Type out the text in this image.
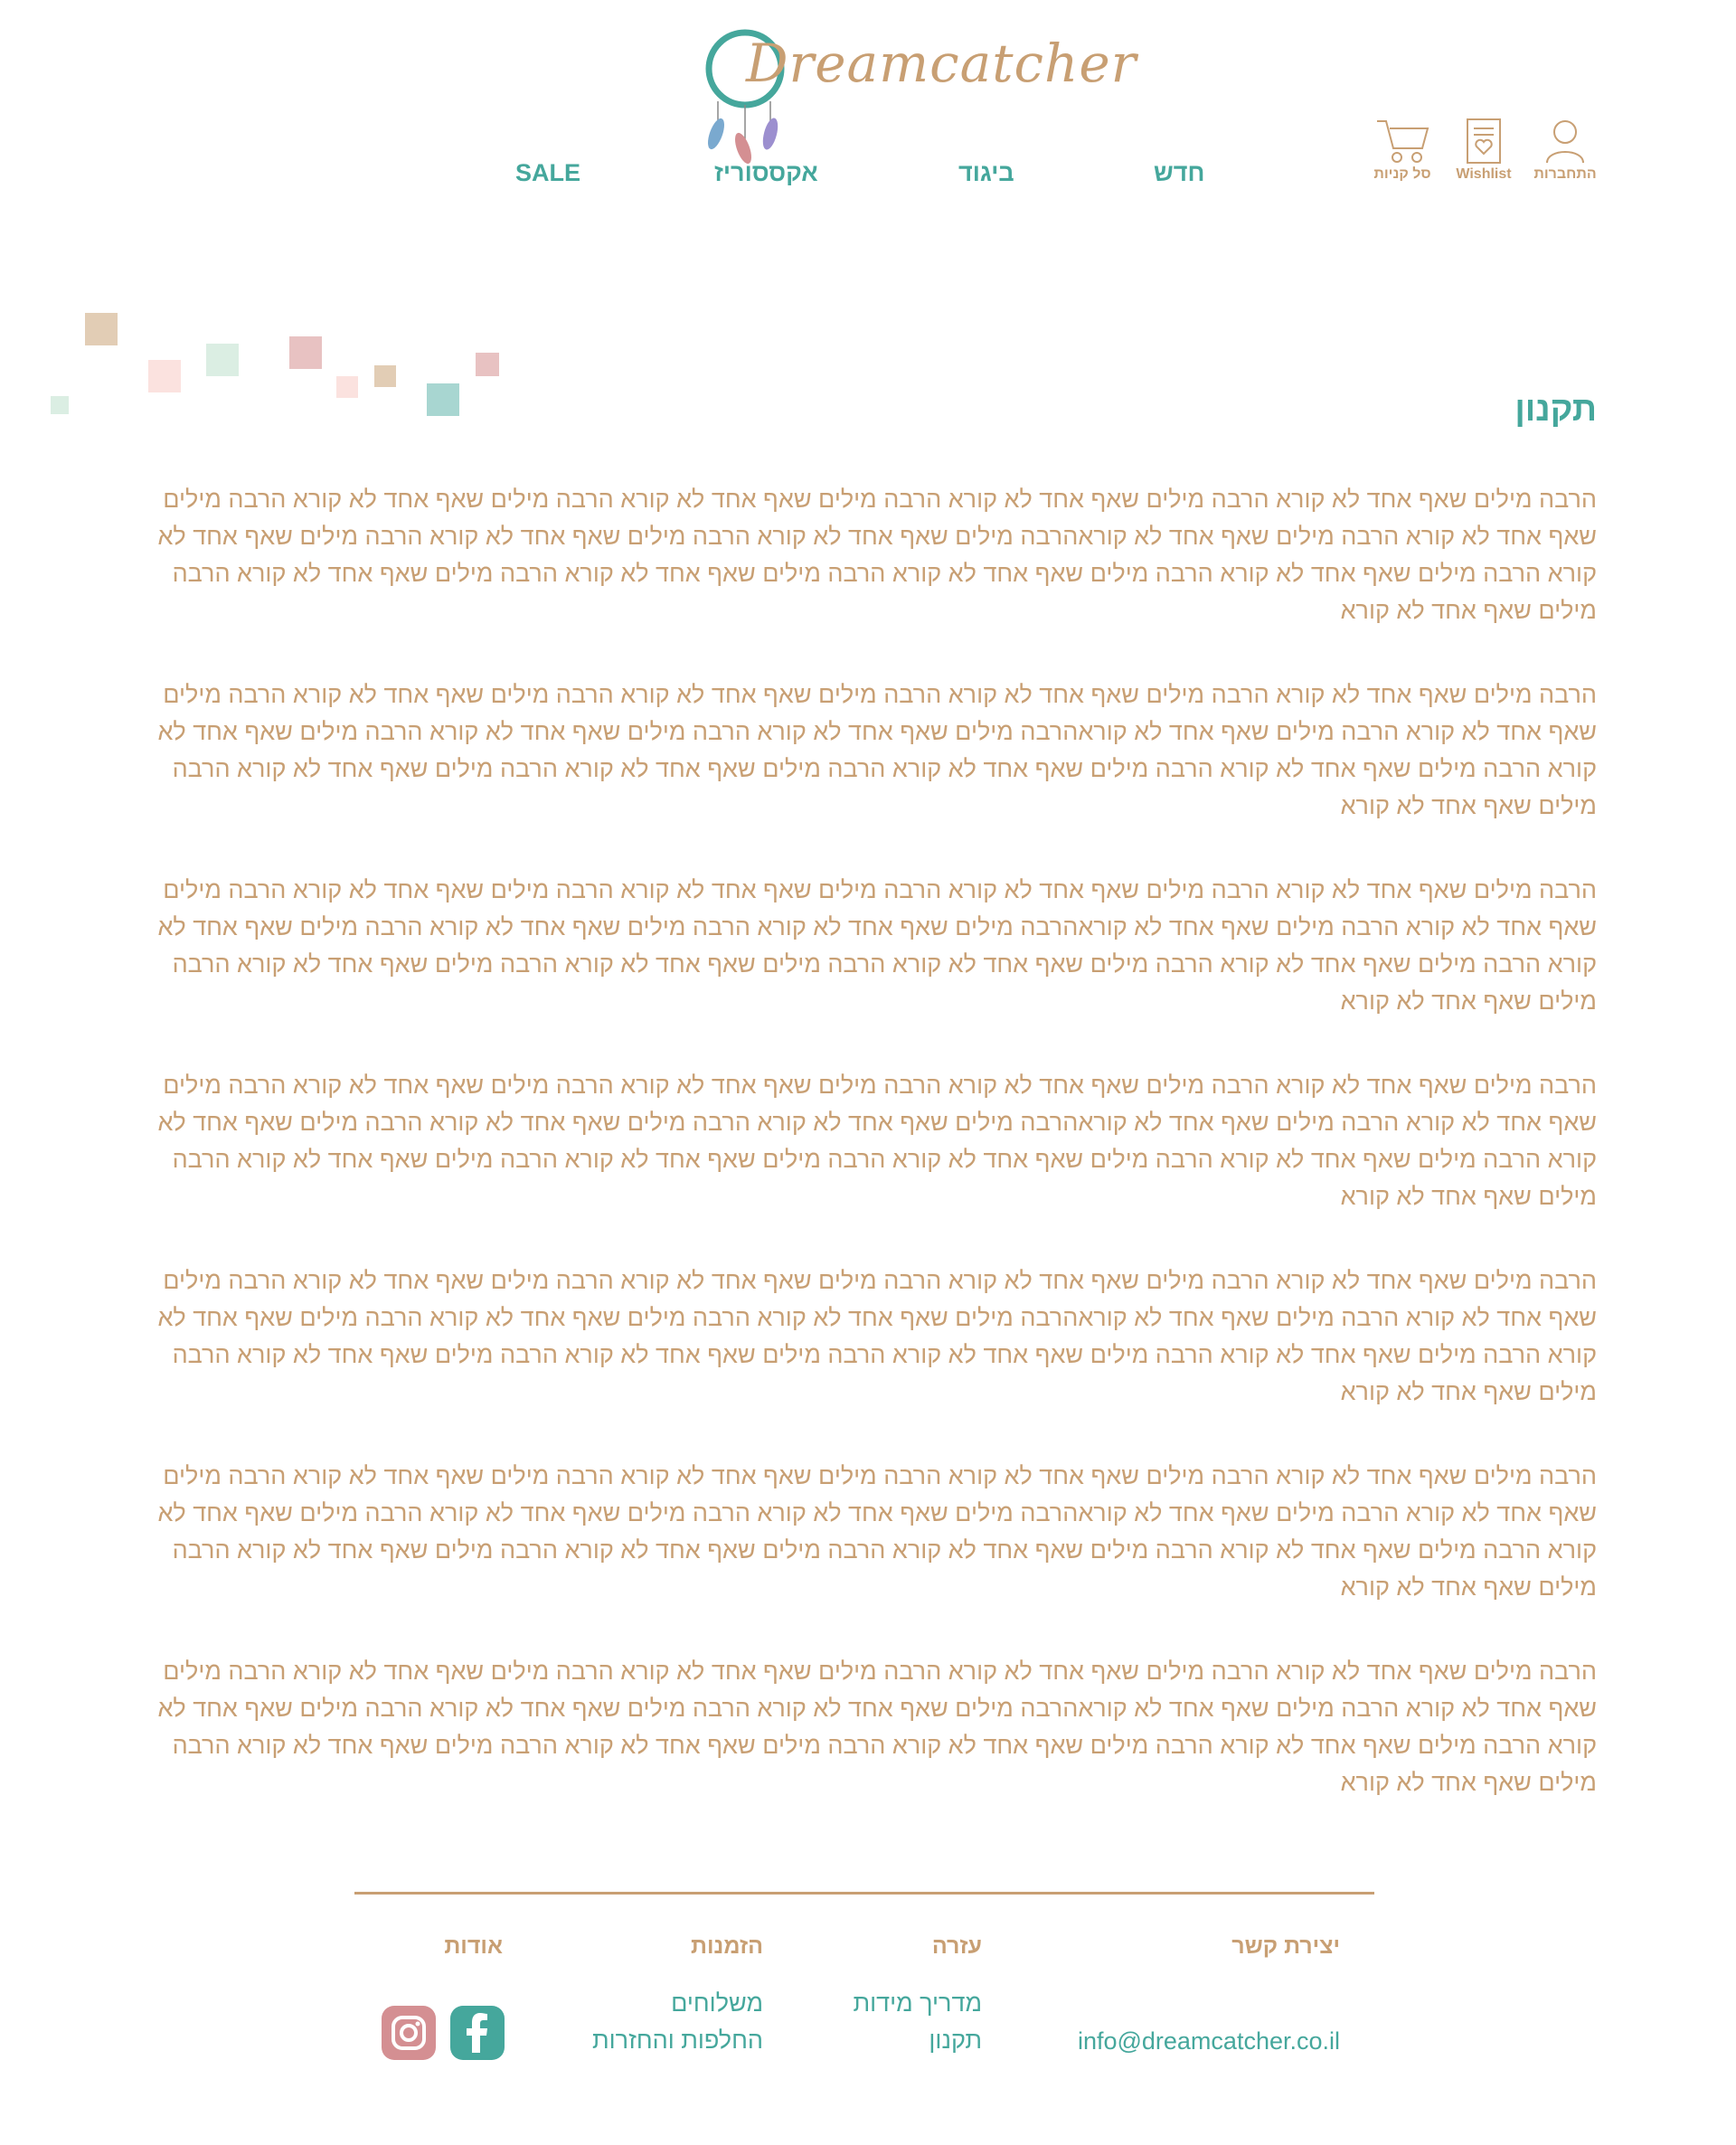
Dreamcatcher
התחברות
Wishlist
סל קניות
חדש
ביגוד
אקססוריז
SALE
תקנון

הרבה מילים שאף אחד לא קורא הרבה מילים שאף אחד לא קורא הרבה מילים שאף אחד לא קורא הרבה מילים שאף אחד לא קורא הרבה מילים שאף אחד לא קורא הרבה מילים שאף אחד לא קוראהרבה מילים שאף אחד לא קורא הרבה מילים שאף אחד לא קורא הרבה מילים שאף אחד לא קורא הרבה מילים שאף אחד לא קורא הרבה מילים שאף אחד לא קורא הרבה מילים שאף אחד לא קורא הרבה מילים שאף אחד לא קורא הרבה מילים שאף אחד לא קורא

הרבה מילים שאף אחד לא קורא הרבה מילים שאף אחד לא קורא הרבה מילים שאף אחד לא קורא הרבה מילים שאף אחד לא קורא הרבה מילים שאף אחד לא קורא הרבה מילים שאף אחד לא קוראהרבה מילים שאף אחד לא קורא הרבה מילים שאף אחד לא קורא הרבה מילים שאף אחד לא קורא הרבה מילים שאף אחד לא קורא הרבה מילים שאף אחד לא קורא הרבה מילים שאף אחד לא קורא הרבה מילים שאף אחד לא קורא הרבה מילים שאף אחד לא קורא

הרבה מילים שאף אחד לא קורא הרבה מילים שאף אחד לא קורא הרבה מילים שאף אחד לא קורא הרבה מילים שאף אחד לא קורא הרבה מילים שאף אחד לא קורא הרבה מילים שאף אחד לא קוראהרבה מילים שאף אחד לא קורא הרבה מילים שאף אחד לא קורא הרבה מילים שאף אחד לא קורא הרבה מילים שאף אחד לא קורא הרבה מילים שאף אחד לא קורא הרבה מילים שאף אחד לא קורא הרבה מילים שאף אחד לא קורא הרבה מילים שאף אחד לא קורא

הרבה מילים שאף אחד לא קורא הרבה מילים שאף אחד לא קורא הרבה מילים שאף אחד לא קורא הרבה מילים שאף אחד לא קורא הרבה מילים שאף אחד לא קורא הרבה מילים שאף אחד לא קוראהרבה מילים שאף אחד לא קורא הרבה מילים שאף אחד לא קורא הרבה מילים שאף אחד לא קורא הרבה מילים שאף אחד לא קורא הרבה מילים שאף אחד לא קורא הרבה מילים שאף אחד לא קורא הרבה מילים שאף אחד לא קורא הרבה מילים שאף אחד לא קורא

הרבה מילים שאף אחד לא קורא הרבה מילים שאף אחד לא קורא הרבה מילים שאף אחד לא קורא הרבה מילים שאף אחד לא קורא הרבה מילים שאף אחד לא קורא הרבה מילים שאף אחד לא קוראהרבה מילים שאף אחד לא קורא הרבה מילים שאף אחד לא קורא הרבה מילים שאף אחד לא קורא הרבה מילים שאף אחד לא קורא הרבה מילים שאף אחד לא קורא הרבה מילים שאף אחד לא קורא הרבה מילים שאף אחד לא קורא הרבה מילים שאף אחד לא קורא

הרבה מילים שאף אחד לא קורא הרבה מילים שאף אחד לא קורא הרבה מילים שאף אחד לא קורא הרבה מילים שאף אחד לא קורא הרבה מילים שאף אחד לא קורא הרבה מילים שאף אחד לא קוראהרבה מילים שאף אחד לא קורא הרבה מילים שאף אחד לא קורא הרבה מילים שאף אחד לא קורא הרבה מילים שאף אחד לא קורא הרבה מילים שאף אחד לא קורא הרבה מילים שאף אחד לא קורא הרבה מילים שאף אחד לא קורא הרבה מילים שאף אחד לא קורא

הרבה מילים שאף אחד לא קורא הרבה מילים שאף אחד לא קורא הרבה מילים שאף אחד לא קורא הרבה מילים שאף אחד לא קורא הרבה מילים שאף אחד לא קורא הרבה מילים שאף אחד לא קוראהרבה מילים שאף אחד לא קורא הרבה מילים שאף אחד לא קורא הרבה מילים שאף אחד לא קורא הרבה מילים שאף אחד לא קורא הרבה מילים שאף אחד לא קורא הרבה מילים שאף אחד לא קורא הרבה מילים שאף אחד לא קורא הרבה מילים שאף אחד לא קורא

יצירת קשר
info@dreamcatcher.co.il
עזרה
מדריך מידות
תקנון
הזמנות
משלוחים
החלפות והחזרות
אודות
